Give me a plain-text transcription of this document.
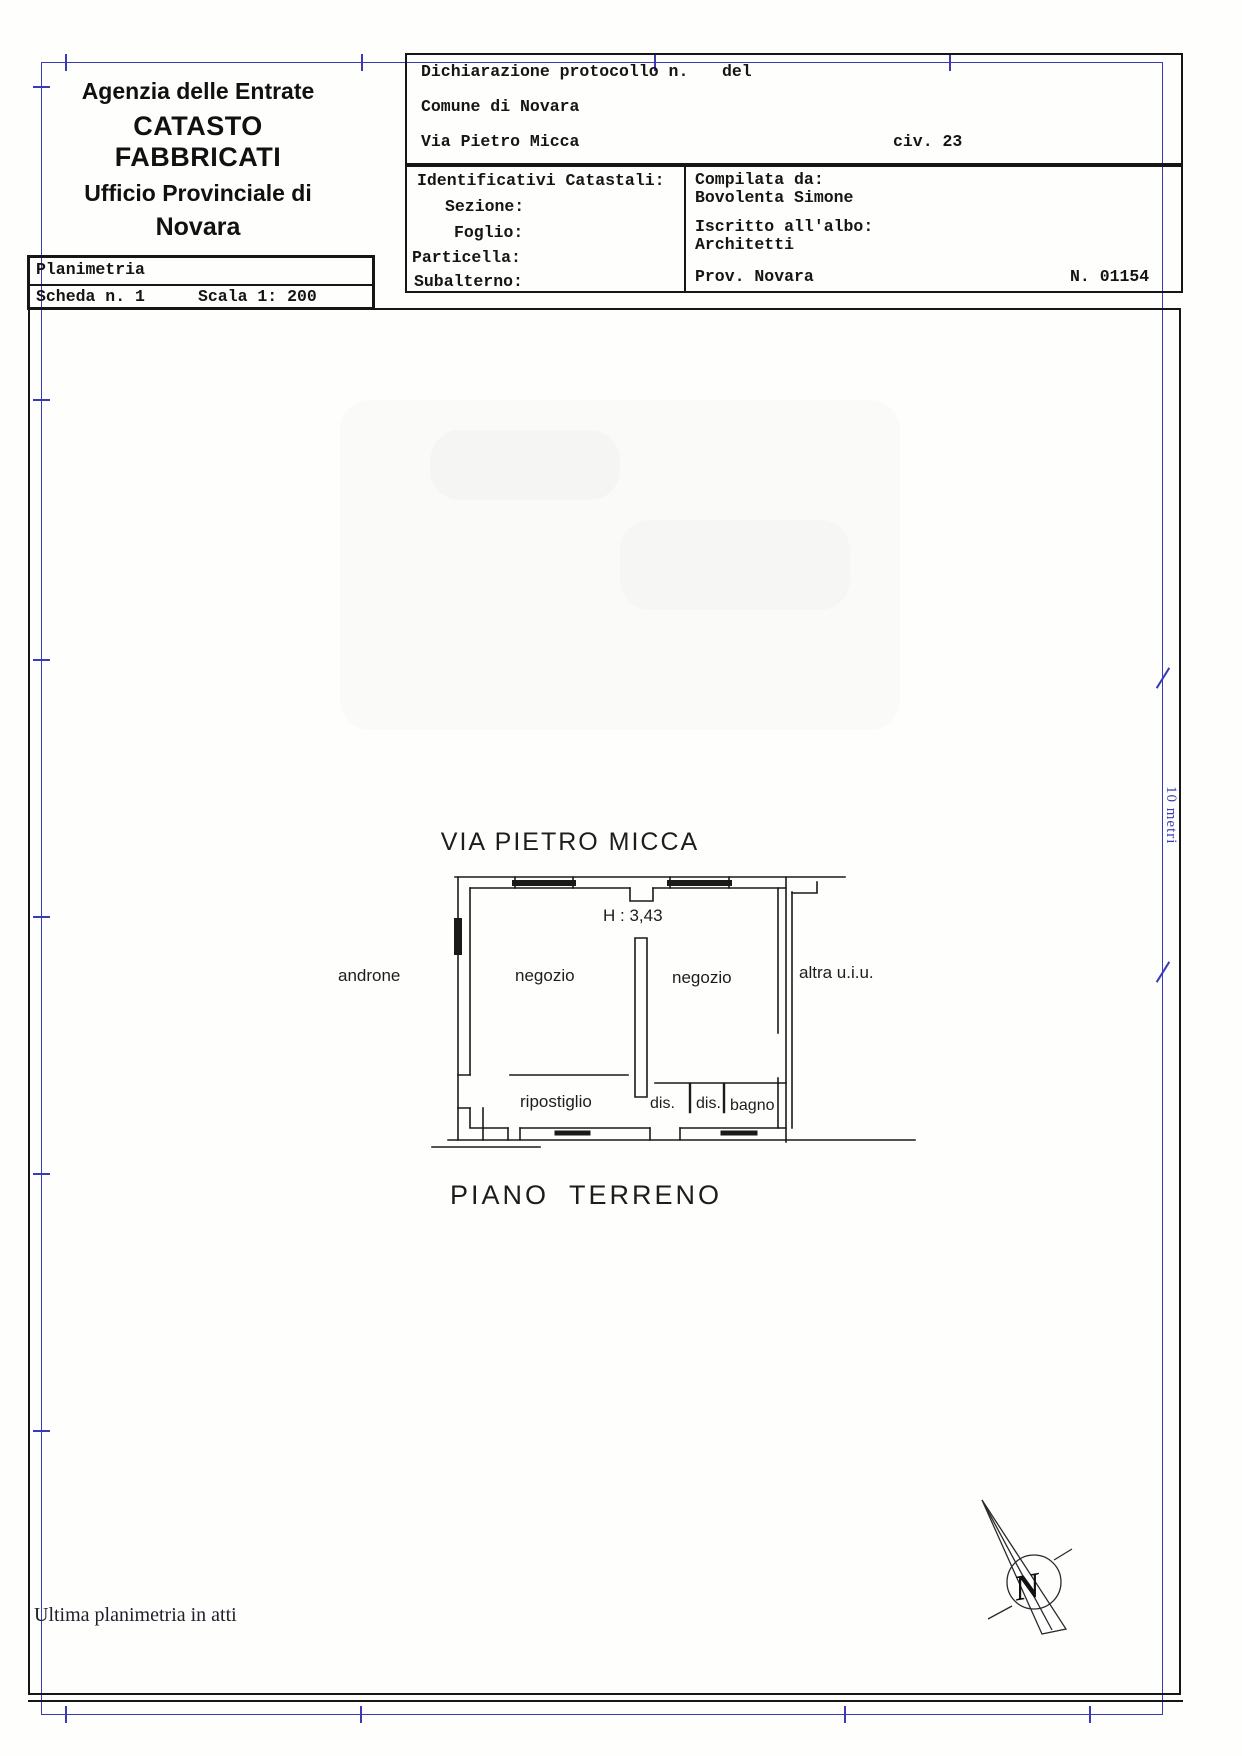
Agenzia delle Entrate
CATASTO FABBRICATI
Ufficio Provinciale di
Novara
Dichiarazione protocollo n. del
Comune di Novara
Via Pietro Micca	civ. 23
Identificativi Catastali:
Sezione:
Foglio:
Particella:
Subalterno:
Compilata da:
Bovolenta Simone
Iscritto all'albo:
Architetti
Prov. Novara	N. 01154
Planimetria
Scheda n. 1	Scala 1: 200
VIA PIETRO MICCA
H : 3,43
androne	negozio	negozio	altra u.i.u.
ripostiglio	dis. dis. bagno
PIANO TERRENO
10 metri
N
Ultima planimetria in atti
